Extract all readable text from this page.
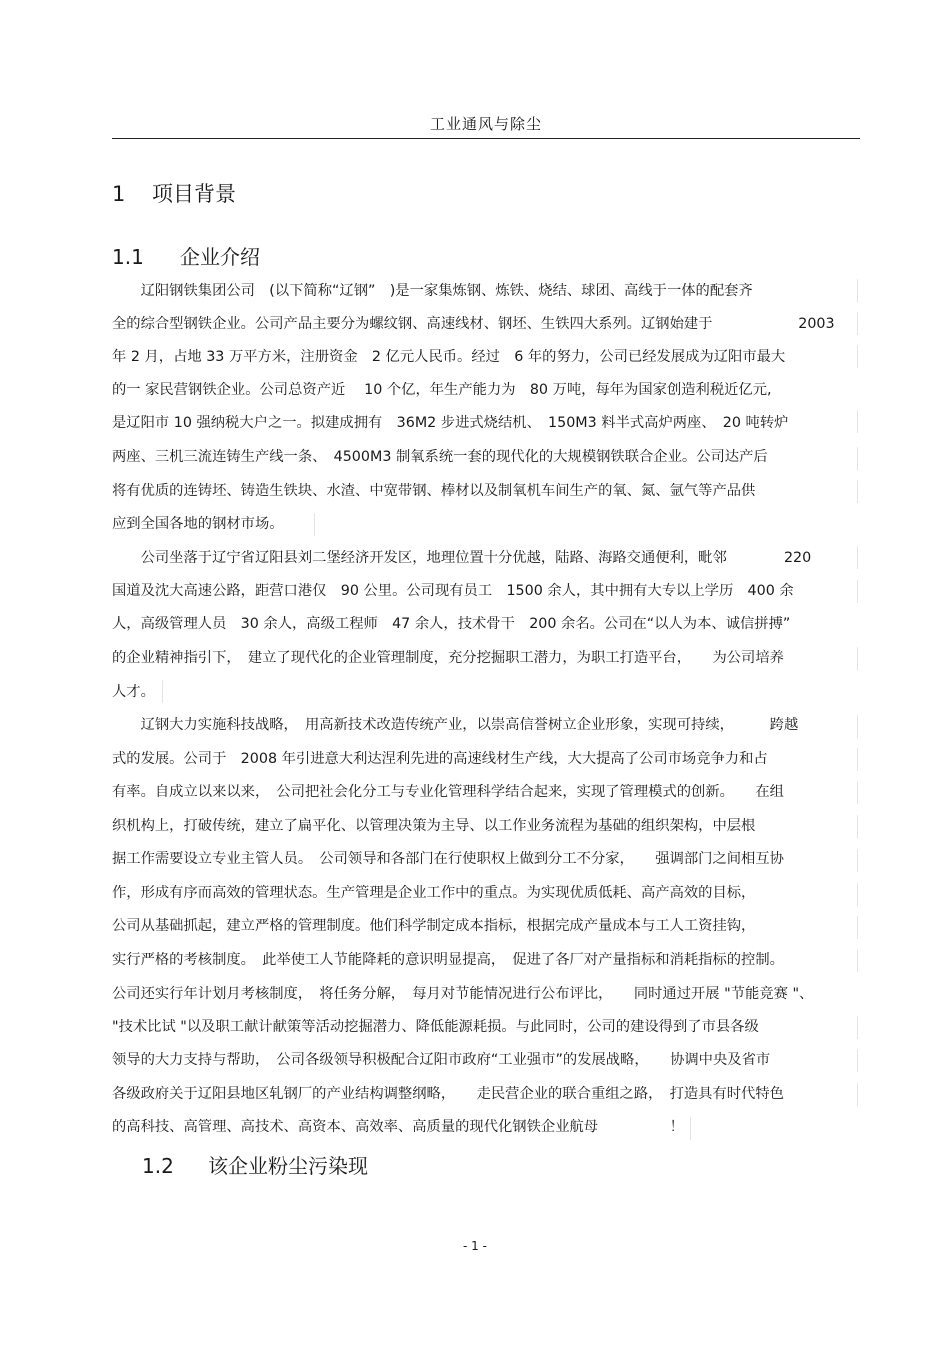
工业通风与除尘
1 项目背景
1.1 企业介绍
　　辽阳钢铁集团公司　(以下简称“辽钢”　)是一家集炼钢、炼铁、烧结、球团、高线于一体的配套齐
全的综合型钢铁企业。公司产品主要分为螺纹钢、高速线材、钢坯、生铁四大系列。辽钢始建于　　　　　　2003
年 2 月，占地 33 万平方米，注册资金　2 亿元人民币。经过　6 年的努力，公司已经发展成为辽阳市最大
的一 家民营钢铁企业。公司总资产近　 10 个亿，年生产能力为　80 万吨，每年为国家创造利税近亿元,
是辽阳市 10 强纳税大户之一。拟建成拥有　36M2 步进式烧结机、　150M3 料半式高炉两座、　20 吨转炉
两座、三机三流连铸生产线一条、　4500M3 制氧系统一套的现代化的大规模钢铁联合企业。公司达产后
将有优质的连铸坯、铸造生铁块、水渣、中宽带钢、棒材以及制氧机车间生产的氧、氮、氩气等产品供
应到全国各地的钢材市场。
　　公司坐落于辽宁省辽阳县刘二堡经济开发区，地理位置十分优越，陆路、海路交通便利，毗邻　　　　220
国道及沈大高速公路，距营口港仅　90 公里。公司现有员工　1500 余人，其中拥有大专以上学历　400 余
人，高级管理人员　30 余人，高级工程师　47 余人，技术骨干　200 余名。公司在“以人为本、诚信拼搏”
的企业精神指引下，　建立了现代化的企业管理制度，充分挖掘职工潜力，为职工打造平台，　　为公司培养
人才。
　　辽钢大力实施科技战略，　用高新技术改造传统产业，以崇高信誉树立企业形象，实现可持续，　　　跨越
式的发展。公司于　2008 年引进意大利达涅利先进的高速线材生产线，大大提高了公司市场竞争力和占
有率。自成立以来以来，　公司把社会化分工与专业化管理科学结合起来，实现了管理模式的创新。　　在组
织机构上，打破传统，建立了扁平化、以管理决策为主导、以工作业务流程为基础的组织架构，中层根
据工作需要设立专业主管人员。　公司领导和各部门在行使职权上做到分工不分家，　　强调部门之间相互协
作，形成有序而高效的管理状态。生产管理是企业工作中的重点。为实现优质低耗、高产高效的目标，
公司从基础抓起，建立严格的管理制度。他们科学制定成本指标，根据完成产量成本与工人工资挂钩，
实行严格的考核制度。　此举使工人节能降耗的意识明显提高，　促进了各厂对产量指标和消耗指标的控制。
公司还实行年计划月考核制度，　将任务分解，　每月对节能情况进行公布评比，　　同时通过开展 "节能竞赛 "、
"技术比试 "以及职工献计献策等活动挖掘潜力、降低能源耗损。与此同时，公司的建设得到了市县各级
领导的大力支持与帮助，　公司各级领导积极配合辽阳市政府“工业强市”的发展战略，　　协调中央及省市
各级政府关于辽阳县地区轧钢厂的产业结构调整纲略，　　走民营企业的联合重组之路，　打造具有时代特色
的高科技、高管理、高技术、高资本、高效率、高质量的现代化钢铁企业航母　　　　　！
1.2 该企业粉尘污染现
- 1 -
